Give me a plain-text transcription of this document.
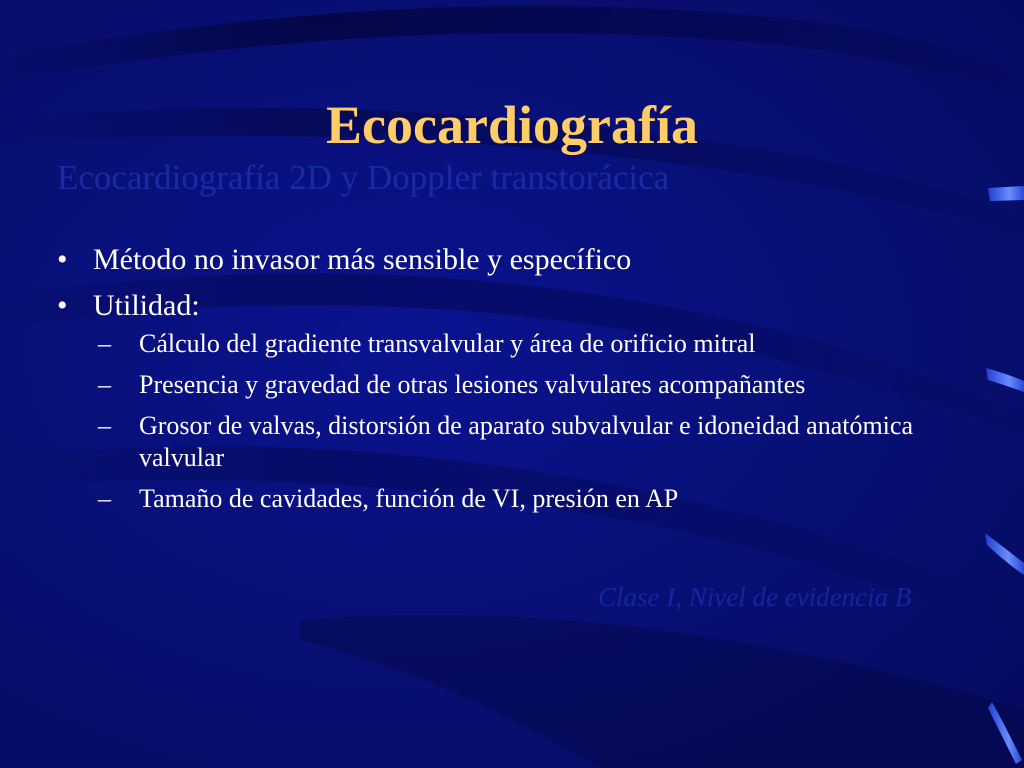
Ecocardiografía
Ecocardiografía 2D y Doppler transtorácica
• Método no invasor más sensible y específico
• Utilidad:
– Cálculo del gradiente transvalvular y área de orificio mitral
– Presencia y gravedad de otras lesiones valvulares acompañantes
– Grosor de valvas, distorsión de aparato subvalvular e idoneidad anatómica valvular
– Tamaño de cavidades, función de VI, presión en AP
Clase I, Nivel de evidencia B
